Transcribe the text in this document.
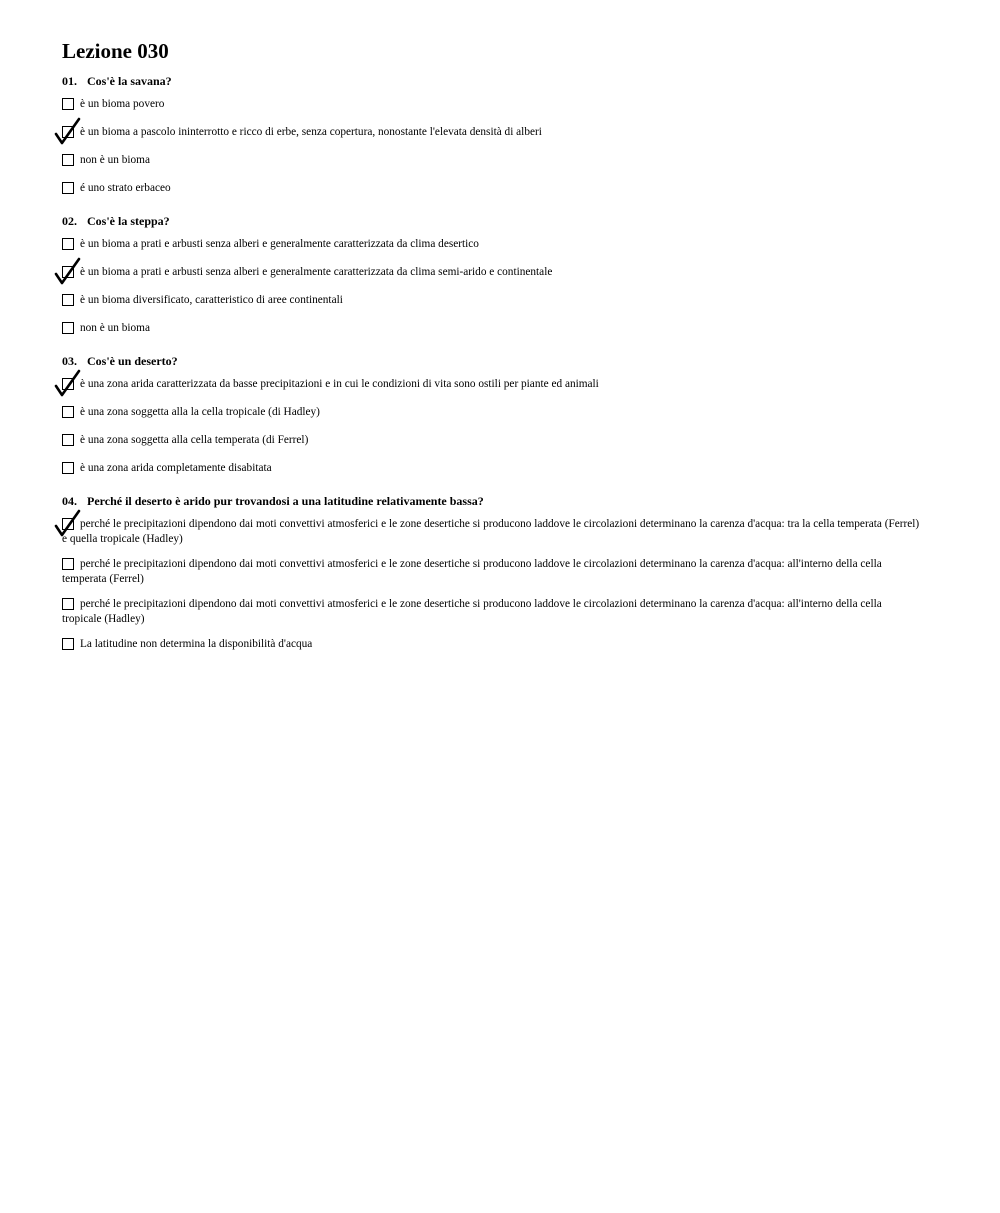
Lezione 030
01. Cos'è la savana?
è un bioma povero
è un bioma a pascolo ininterrotto e ricco di erbe, senza copertura, nonostante l'elevata densità di alberi
non è un bioma
é uno strato erbaceo
02. Cos'è la steppa?
è un bioma a prati e arbusti senza alberi e generalmente caratterizzata da clima desertico
è un bioma a prati e arbusti senza alberi e generalmente caratterizzata da clima semi-arido e continentale
è un bioma diversificato, caratteristico di aree continentali
non è un bioma
03. Cos'è un deserto?
è una zona arida caratterizzata da basse precipitazioni e in cui le condizioni di vita sono ostili per piante ed animali
è una zona soggetta alla la cella tropicale (di Hadley)
è una zona soggetta alla cella temperata (di Ferrel)
è una zona arida completamente disabitata
04. Perché il deserto è arido pur trovandosi a una latitudine relativamente bassa?
perché le precipitazioni dipendono dai moti convettivi atmosferici e le zone desertiche si producono laddove le circolazioni determinano la carenza d'acqua: tra la cella temperata (Ferrel) e quella tropicale (Hadley)
perché le precipitazioni dipendono dai moti convettivi atmosferici e le zone desertiche si producono laddove le circolazioni determinano la carenza d'acqua: all'interno della cella temperata (Ferrel)
perché le precipitazioni dipendono dai moti convettivi atmosferici e le zone desertiche si producono laddove le circolazioni determinano la carenza d'acqua: all'interno della cella tropicale (Hadley)
La latitudine non determina la disponibilità d'acqua
